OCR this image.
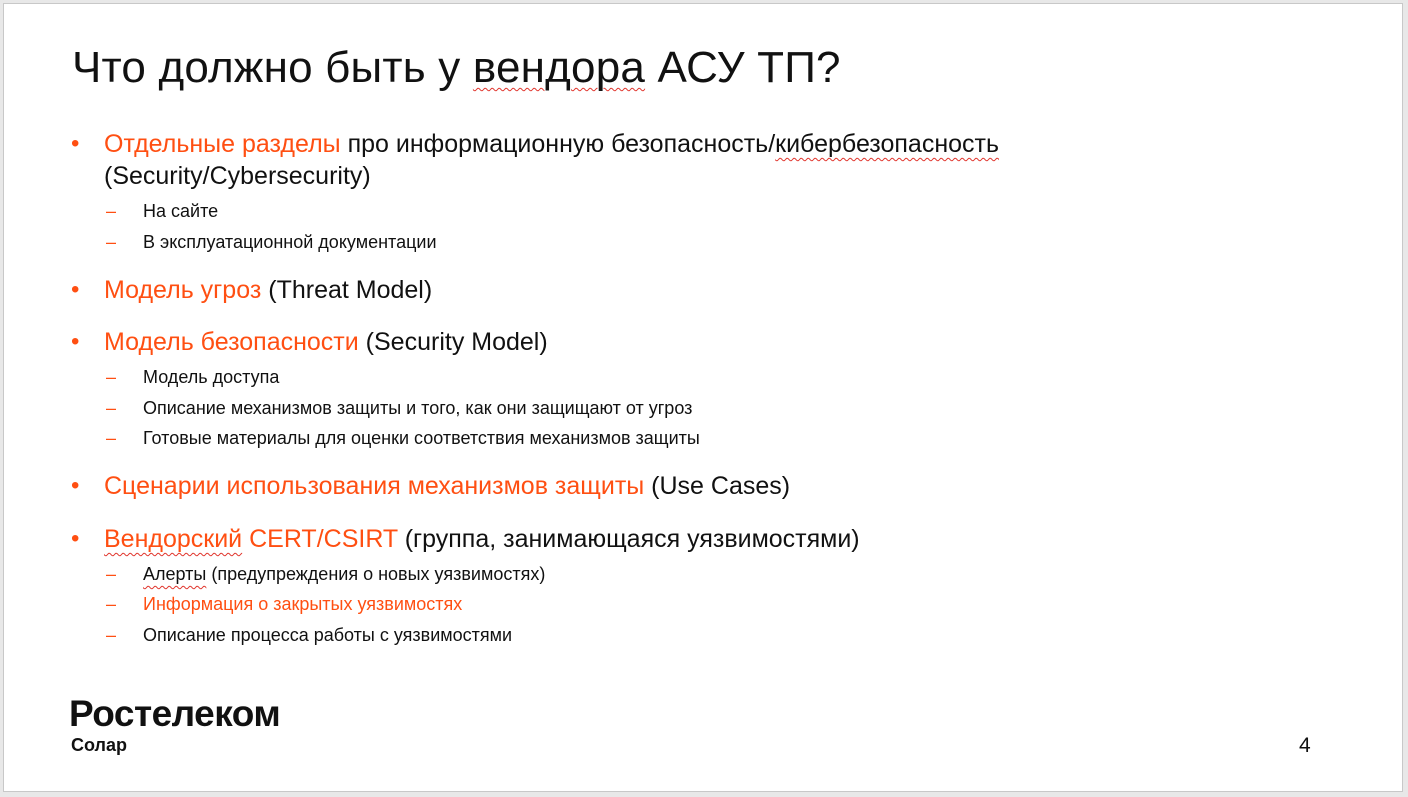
Что должно быть у вендора АСУ ТП?
• Отдельные разделы про информационную безопасность/кибербезопасность
(Security/Cybersecurity)
– На сайте
– В эксплуатационной документации
• Модель угроз (Threat Model)
• Модель безопасности (Security Model)
– Модель доступа
– Описание механизмов защиты и того, как они защищают от угроз
– Готовые материалы для оценки соответствия механизмов защиты
• Сценарии использования механизмов защиты (Use Cases)
• Вендорский CERT/CSIRT (группа, занимающаяся уязвимостями)
– Алерты (предупреждения о новых уязвимостях)
– Информация о закрытых уязвимостях
– Описание процесса работы с уязвимостями
Ростелеком
Солар	4
